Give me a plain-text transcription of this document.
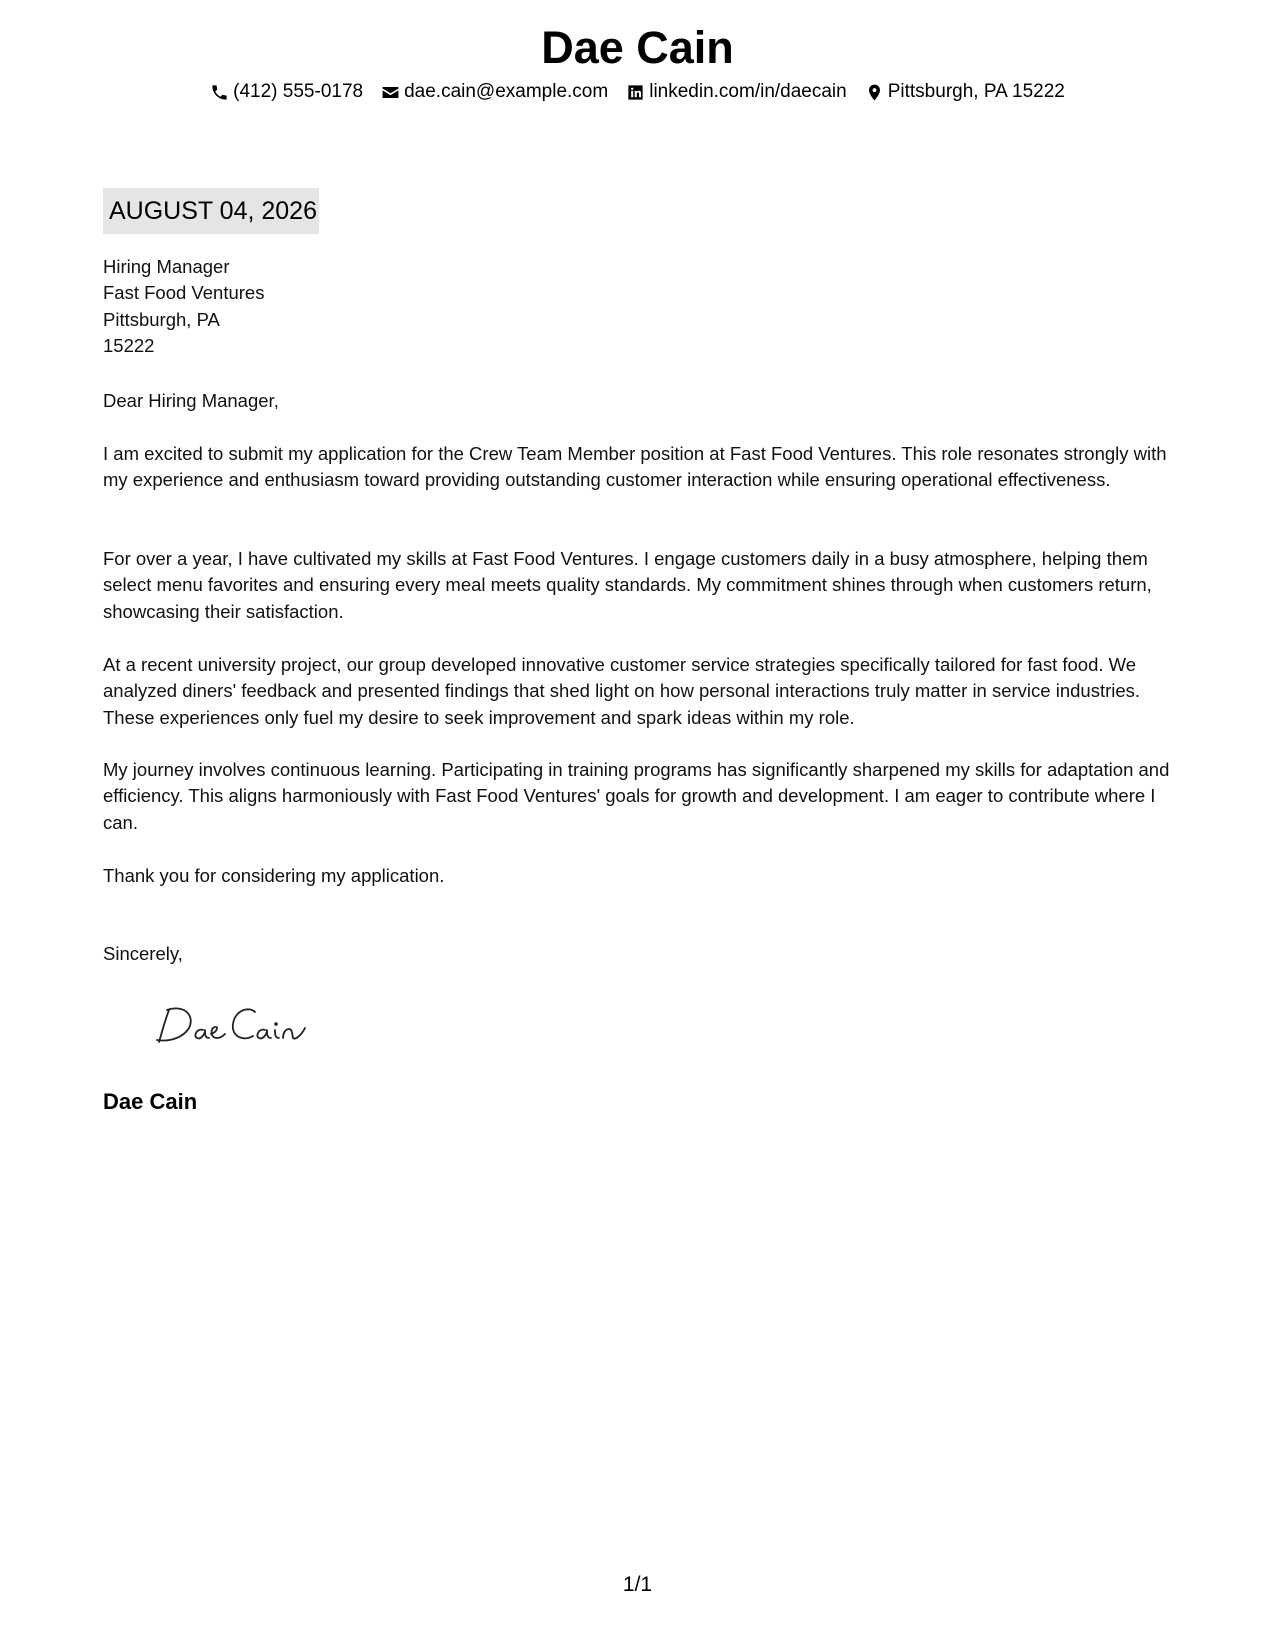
Dae Cain
(412) 555-0178 dae.cain@example.com linkedin.com/in/daecain Pittsburgh, PA 15222
AUGUST 04, 2026
Hiring Manager
Fast Food Ventures
Pittsburgh, PA
15222

Dear Hiring Manager,

I am excited to submit my application for the Crew Team Member position at Fast Food Ventures. This role resonates strongly with my experience and enthusiasm toward providing outstanding customer interaction while ensuring operational effectiveness.

For over a year, I have cultivated my skills at Fast Food Ventures. I engage customers daily in a busy atmosphere, helping them select menu favorites and ensuring every meal meets quality standards. My commitment shines through when customers return, showcasing their satisfaction.

At a recent university project, our group developed innovative customer service strategies specifically tailored for fast food. We analyzed diners' feedback and presented findings that shed light on how personal interactions truly matter in service industries. These experiences only fuel my desire to seek improvement and spark ideas within my role.

My journey involves continuous learning. Participating in training programs has significantly sharpened my skills for adaptation and efficiency. This aligns harmoniously with Fast Food Ventures' goals for growth and development. I am eager to contribute where I can.

Thank you for considering my application.

Sincerely,

Dae Cain
1/1
